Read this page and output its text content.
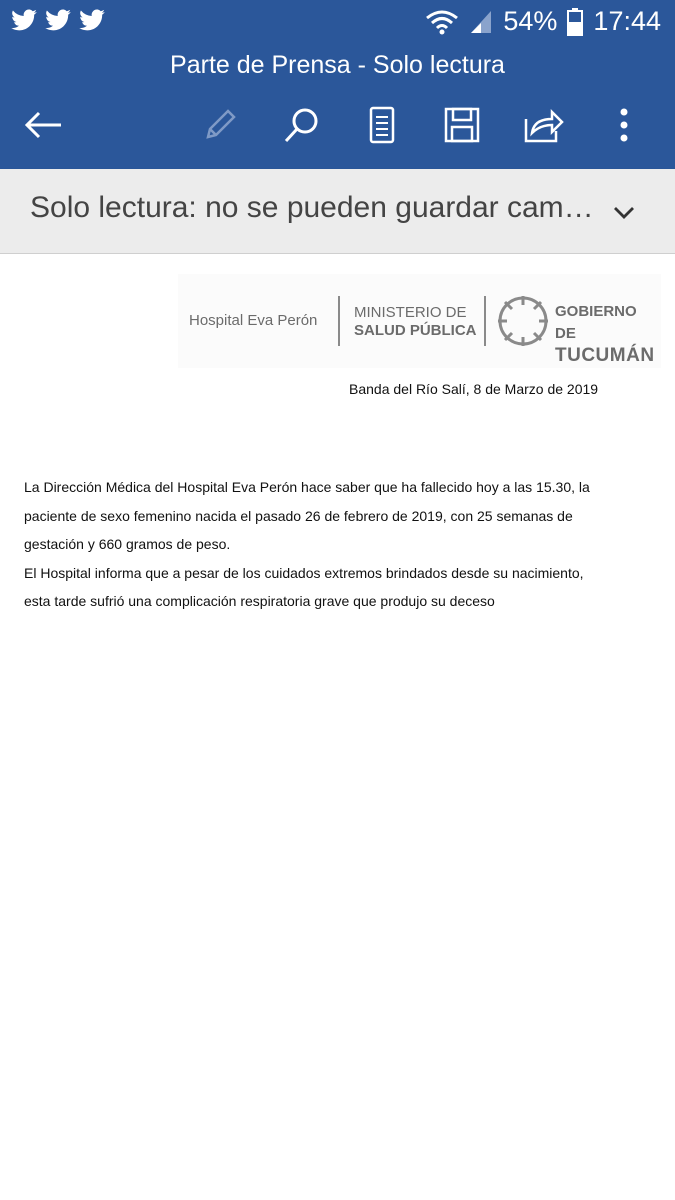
54% 17:44
Parte de Prensa - Solo lectura
Solo lectura: no se pueden guardar cam…
Hospital Eva Perón MINISTERIO DE
SALUD PÚBLICA
GOBIERNO DE
TUCUMÁN
Banda del Río Salí, 8 de Marzo de 2019

La Dirección Médica del Hospital Eva Perón hace saber que ha fallecido hoy a las 15.30, la

paciente de sexo femenino nacida el pasado 26 de febrero de 2019, con 25 semanas de

gestación y 660 gramos de peso.

El Hospital informa que a pesar de los cuidados extremos brindados desde su nacimiento,

esta tarde sufrió una complicación respiratoria grave que produjo su deceso
